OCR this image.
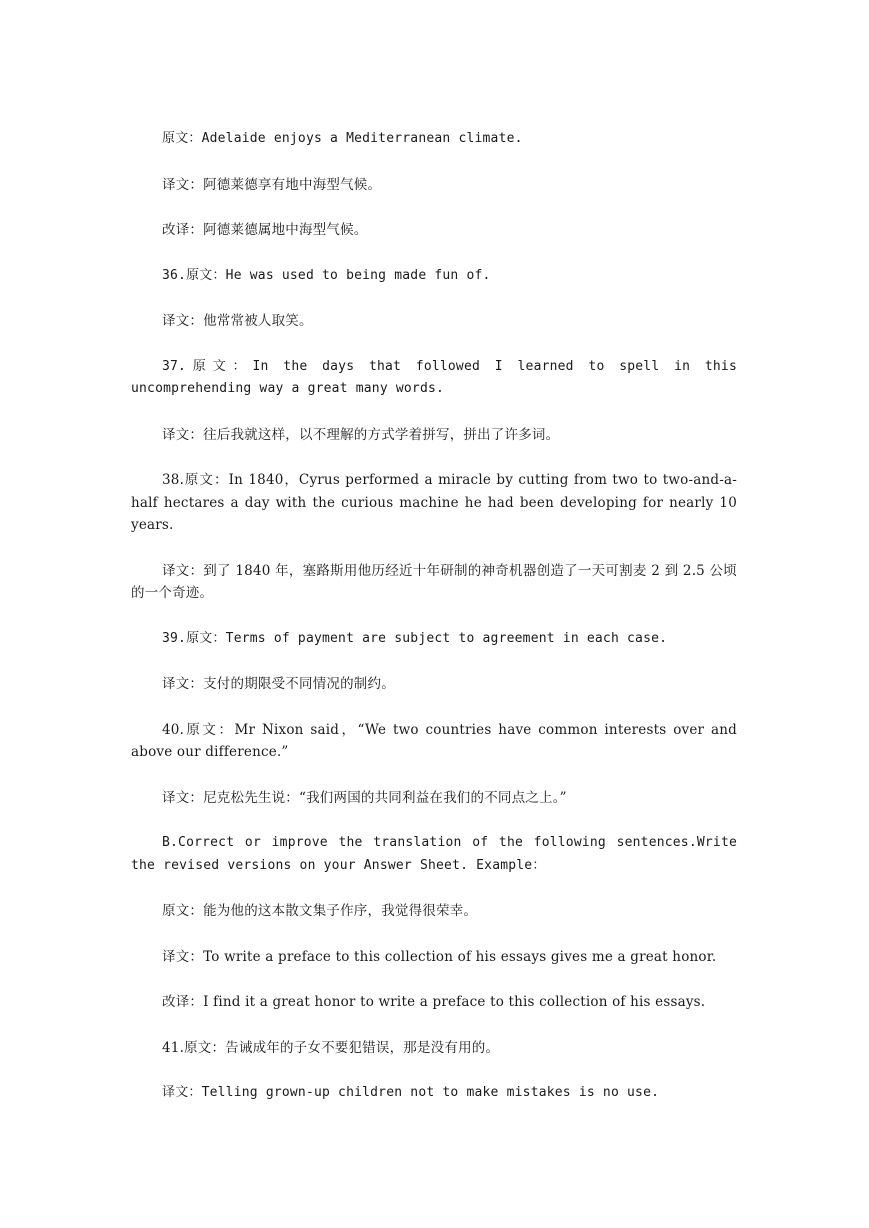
原文：Adelaide enjoys a Mediterranean climate.

译文：阿德莱德享有地中海型气候。

改译：阿德莱德属地中海型气候。

36.原文：He was used to being made fun of.

译文：他常常被人取笑。

37.原文：In the days that followed I learned to spell in this uncomprehending way a great many words.

译文：往后我就这样，以不理解的方式学着拼写，拼出了许多词。

38.原文：In 1840，Cyrus performed a miracle by cutting from two to two-and-a-half hectares a day with the curious machine he had been developing for nearly 10 years.

译文：到了 1840 年，塞路斯用他历经近十年研制的神奇机器创造了一天可割麦 2 到 2.5 公顷的一个奇迹。

39.原文：Terms of payment are subject to agreement in each case.

译文：支付的期限受不同情况的制约。

40.原文：Mr Nixon said，“We two countries have common interests over and above our difference.”

译文：尼克松先生说：“我们两国的共同利益在我们的不同点之上。”

B.Correct or improve the translation of the following sentences.Write the revised versions on your Answer Sheet. Example：

原文：能为他的这本散文集子作序，我觉得很荣幸。

译文：To write a preface to this collection of his essays gives me a great honor.

改译：I find it a great honor to write a preface to this collection of his essays.

41.原文：告诫成年的子女不要犯错误，那是没有用的。

译文：Telling grown-up children not to make mistakes is no use.
